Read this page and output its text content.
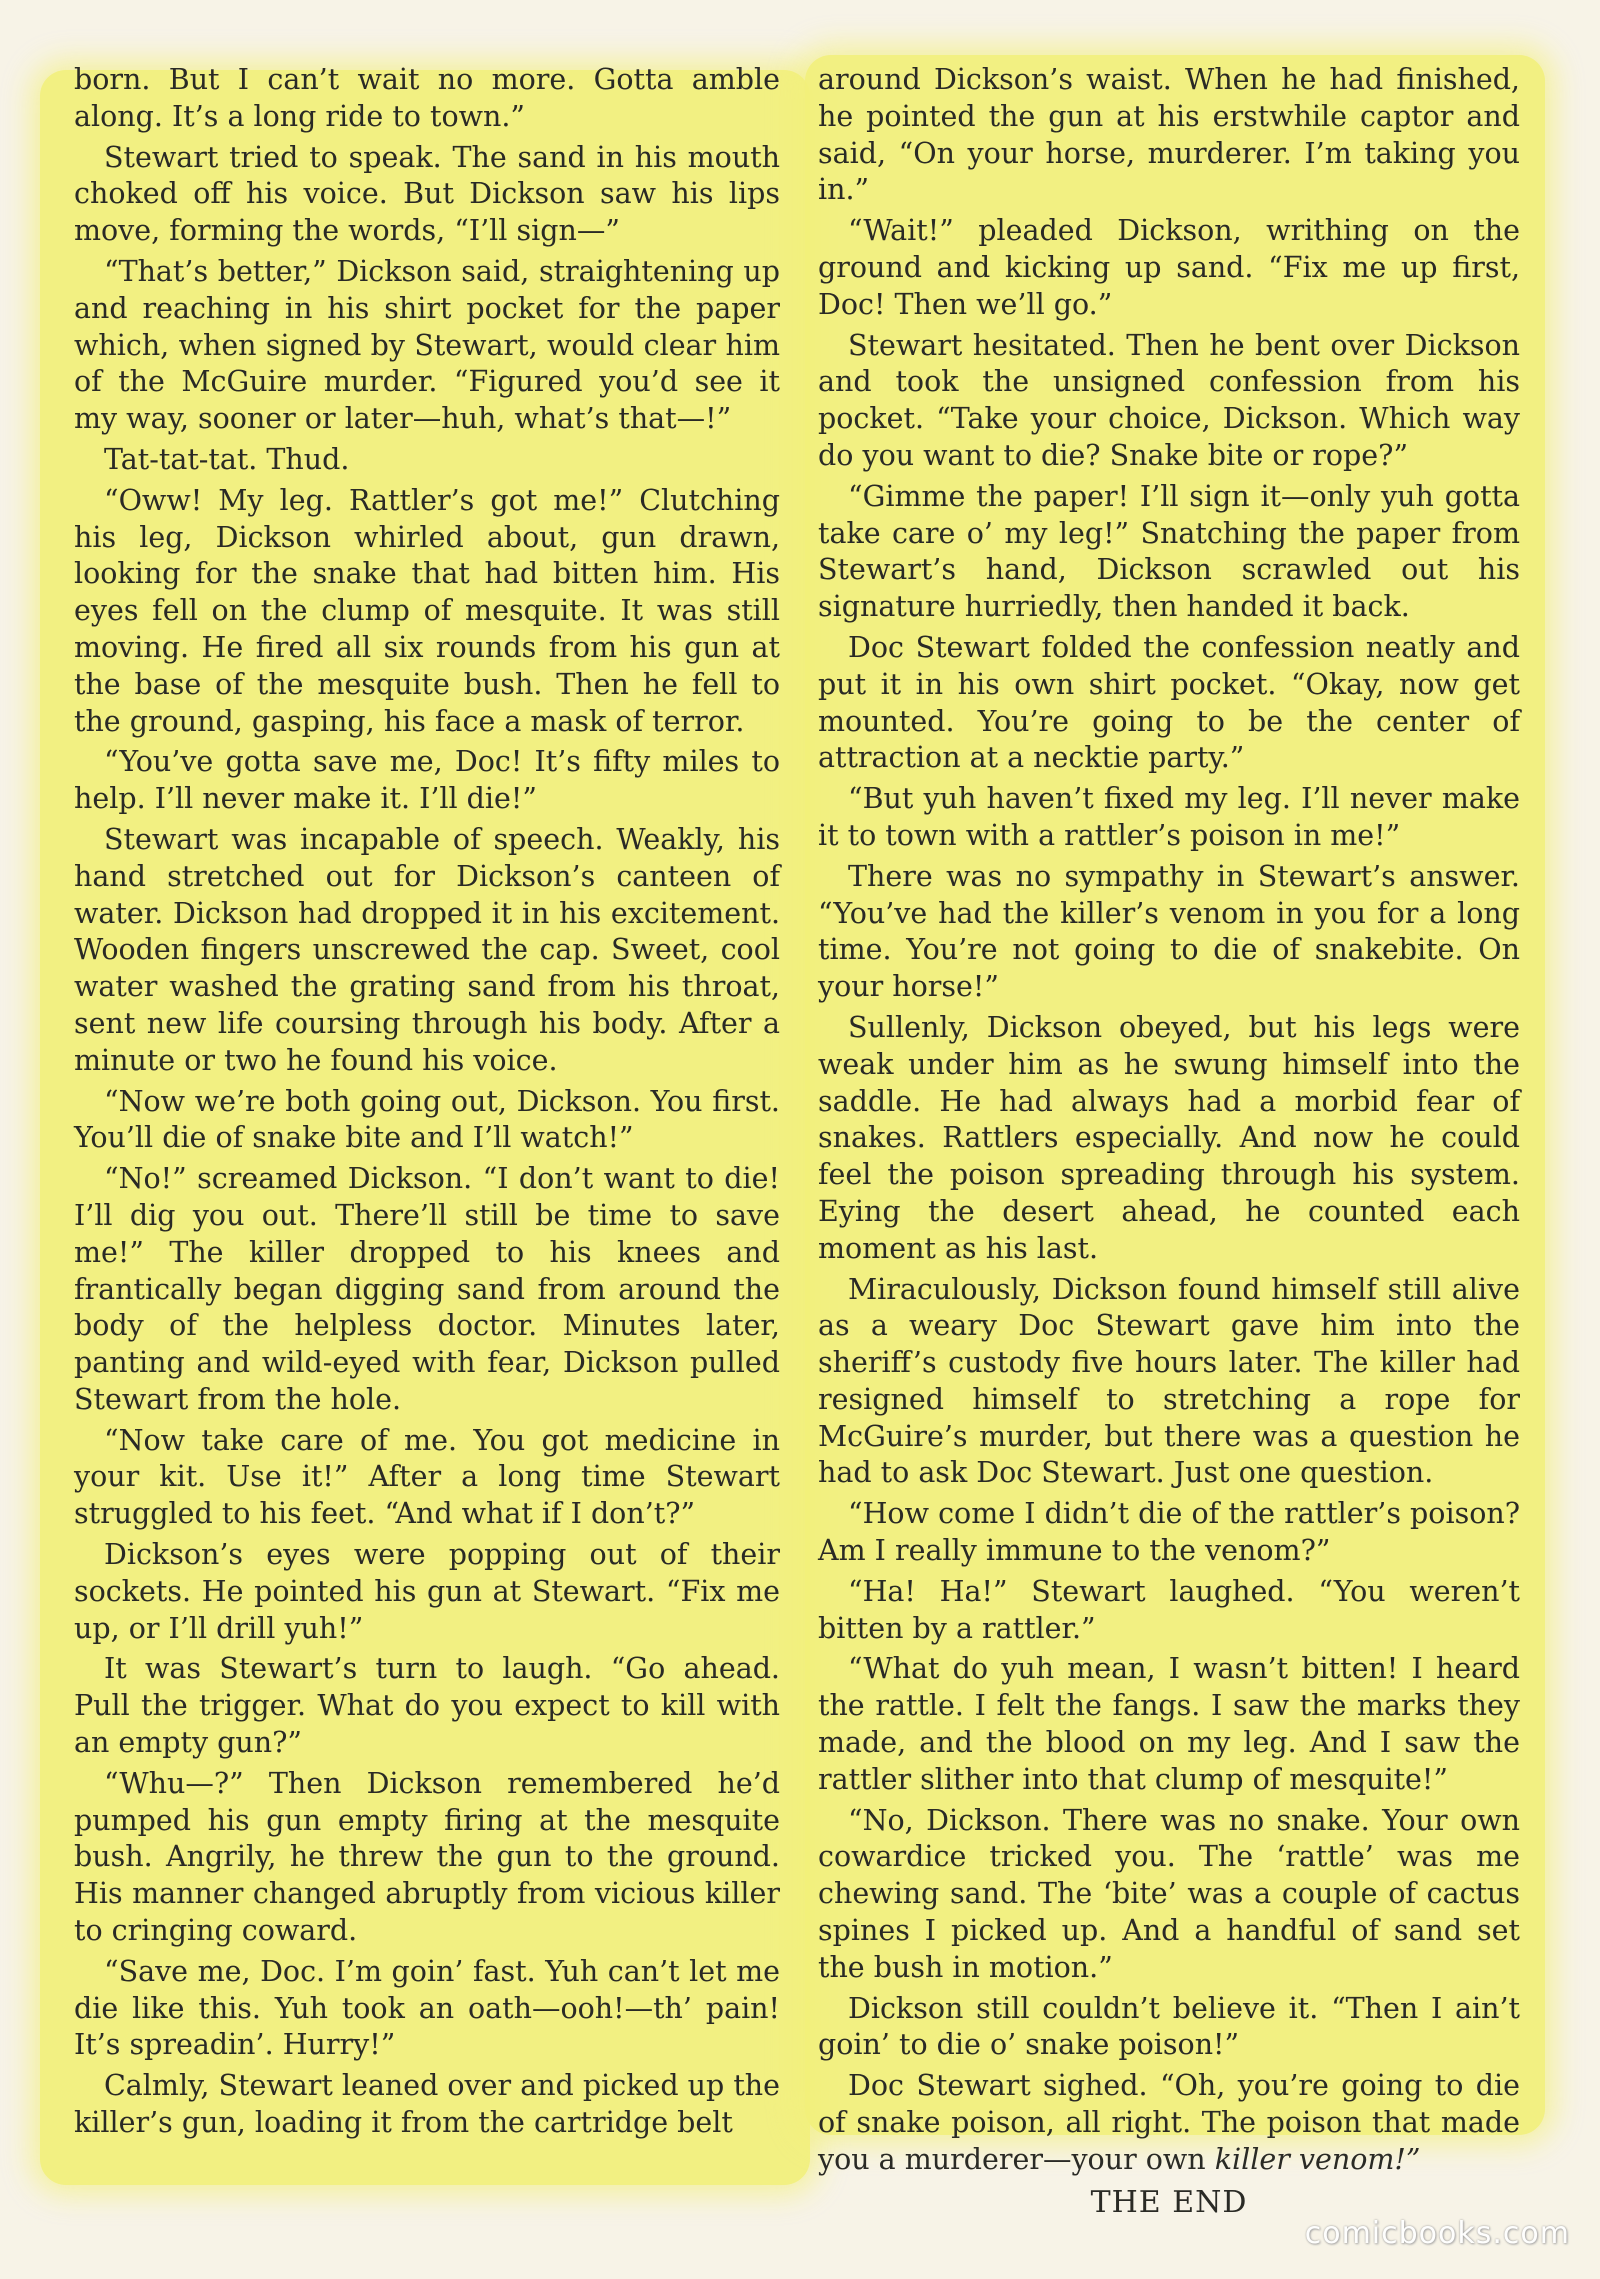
born. But I can’t wait no more. Gotta amble along. It’s a long ride to town.”

Stewart tried to speak. The sand in his mouth choked off his voice. But Dickson saw his lips move, forming the words, “I’ll sign—”

“That’s better,” Dickson said, straightening up and reaching in his shirt pocket for the paper which, when signed by Stewart, would clear him of the McGuire murder. “Figured you’d see it my way, sooner or later—huh, what’s that—!”

Tat-tat-tat. Thud.

“Oww! My leg. Rattler’s got me!” Clutching his leg, Dickson whirled about, gun drawn, looking for the snake that had bitten him. His eyes fell on the clump of mesquite. It was still moving. He fired all six rounds from his gun at the base of the mesquite bush. Then he fell to the ground, gasping, his face a mask of terror.

“You’ve gotta save me, Doc! It’s fifty miles to help. I’ll never make it. I’ll die!”

Stewart was incapable of speech. Weakly, his hand stretched out for Dickson’s canteen of water. Dickson had dropped it in his excitement. Wooden fingers unscrewed the cap. Sweet, cool water washed the grating sand from his throat, sent new life coursing through his body. After a minute or two he found his voice.

“Now we’re both going out, Dickson. You first. You’ll die of snake bite and I’ll watch!”

“No!” screamed Dickson. “I don’t want to die! I’ll dig you out. There’ll still be time to save me!” The killer dropped to his knees and frantically began digging sand from around the body of the helpless doctor. Minutes later, panting and wild-eyed with fear, Dickson pulled Stewart from the hole.

“Now take care of me. You got medicine in your kit. Use it!” After a long time Stewart struggled to his feet. “And what if I don’t?”

Dickson’s eyes were popping out of their sockets. He pointed his gun at Stewart. “Fix me up, or I’ll drill yuh!”

It was Stewart’s turn to laugh. “Go ahead. Pull the trigger. What do you expect to kill with an empty gun?”

“Whu—?” Then Dickson remembered he’d pumped his gun empty firing at the mesquite bush. Angrily, he threw the gun to the ground. His manner changed abruptly from vicious killer to cringing coward.

“Save me, Doc. I’m goin’ fast. Yuh can’t let me die like this. Yuh took an oath—ooh!—th’ pain! It’s spreadin’. Hurry!”

Calmly, Stewart leaned over and picked up the killer’s gun, loading it from the cartridge belt

around Dickson’s waist. When he had finished, he pointed the gun at his erstwhile captor and said, “On your horse, murderer. I’m taking you in.”

“Wait!” pleaded Dickson, writhing on the ground and kicking up sand. “Fix me up first, Doc! Then we’ll go.”

Stewart hesitated. Then he bent over Dickson and took the unsigned confession from his pocket. “Take your choice, Dickson. Which way do you want to die? Snake bite or rope?”

“Gimme the paper! I’ll sign it—only yuh gotta take care o’ my leg!” Snatching the paper from Stewart’s hand, Dickson scrawled out his signature hurriedly, then handed it back.

Doc Stewart folded the confession neatly and put it in his own shirt pocket. “Okay, now get mounted. You’re going to be the center of attraction at a necktie party.”

“But yuh haven’t fixed my leg. I’ll never make it to town with a rattler’s poison in me!”

There was no sympathy in Stewart’s answer. “You’ve had the killer’s venom in you for a long time. You’re not going to die of snakebite. On your horse!”

Sullenly, Dickson obeyed, but his legs were weak under him as he swung himself into the saddle. He had always had a morbid fear of snakes. Rattlers especially. And now he could feel the poison spreading through his system. Eying the desert ahead, he counted each moment as his last.

Miraculously, Dickson found himself still alive as a weary Doc Stewart gave him into the sheriff’s custody five hours later. The killer had resigned himself to stretching a rope for McGuire’s murder, but there was a question he had to ask Doc Stewart. Just one question.

“How come I didn’t die of the rattler’s poison? Am I really immune to the venom?”

“Ha! Ha!” Stewart laughed. “You weren’t bitten by a rattler.”

“What do yuh mean, I wasn’t bitten! I heard the rattle. I felt the fangs. I saw the marks they made, and the blood on my leg. And I saw the rattler slither into that clump of mesquite!”

“No, Dickson. There was no snake. Your own cowardice tricked you. The ‘rattle’ was me chewing sand. The ‘bite’ was a couple of cactus spines I picked up. And a handful of sand set the bush in motion.”

Dickson still couldn’t believe it. “Then I ain’t goin’ to die o’ snake poison!”

Doc Stewart sighed. “Oh, you’re going to die of snake poison, all right. The poison that made you a murderer—your own killer venom!”

THE END
comicbooks.com
